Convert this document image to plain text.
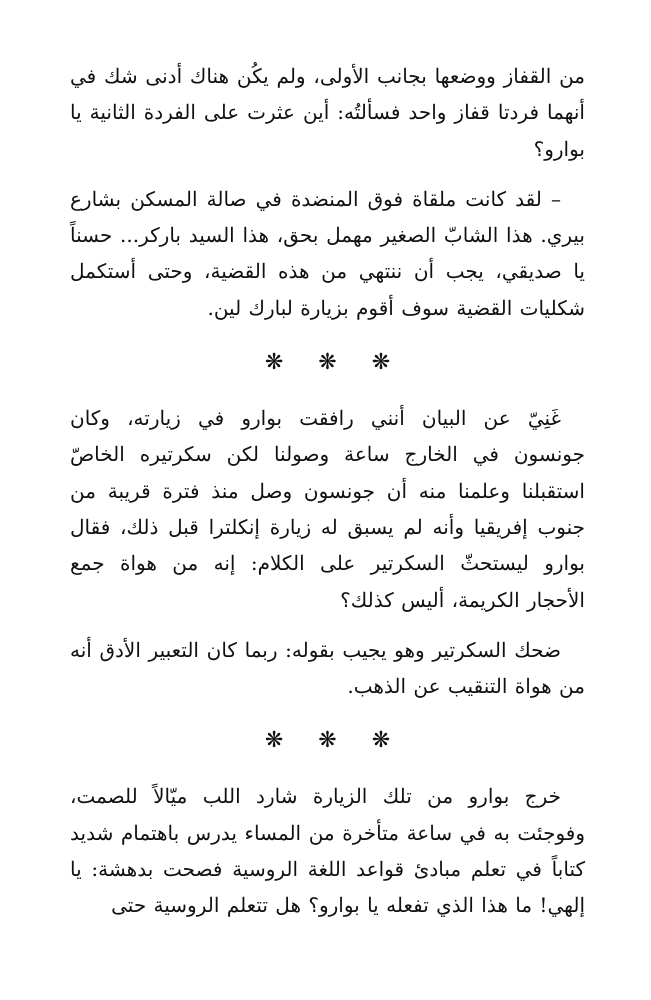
من القفاز ووضعها بجانب الأولى، ولم يكُن هناك أدنى شك في أنهما فردتا قفاز واحد فسألتُه: أين عثرت على الفردة الثانية يا بوارو؟

– لقد كانت ملقاة فوق المنضدة في صالة المسكن بشارع بيري. هذا الشابّ الصغير مهمل بحق، هذا السيد باركر... حسناً يا صديقي، يجب أن ننتهي من هذه القضية، وحتى أستكمل شكليات القضية سوف أقوم بزيارة لبارك لين.

❋ ❋ ❋

غَنِيّ عن البيان أنني رافقت بوارو في زيارته، وكان جونسون في الخارج ساعة وصولنا لكن سكرتيره الخاصّ استقبلنا وعلمنا منه أن جونسون وصل منذ فترة قريبة من جنوب إفريقيا وأنه لم يسبق له زيارة إنكلترا قبل ذلك، فقال بوارو ليستحثّ السكرتير على الكلام: إنه من هواة جمع الأحجار الكريمة، أليس كذلك؟

ضحك السكرتير وهو يجيب بقوله: ربما كان التعبير الأدق أنه من هواة التنقيب عن الذهب.

❋ ❋ ❋

خرج بوارو من تلك الزيارة شارد اللب ميّالاً للصمت، وفوجئت به في ساعة متأخرة من المساء يدرس باهتمام شديد كتاباً في تعلم مبادئ قواعد اللغة الروسية فصحت بدهشة: يا إلهي! ما هذا الذي تفعله يا بوارو؟ هل تتعلم الروسية حتى
